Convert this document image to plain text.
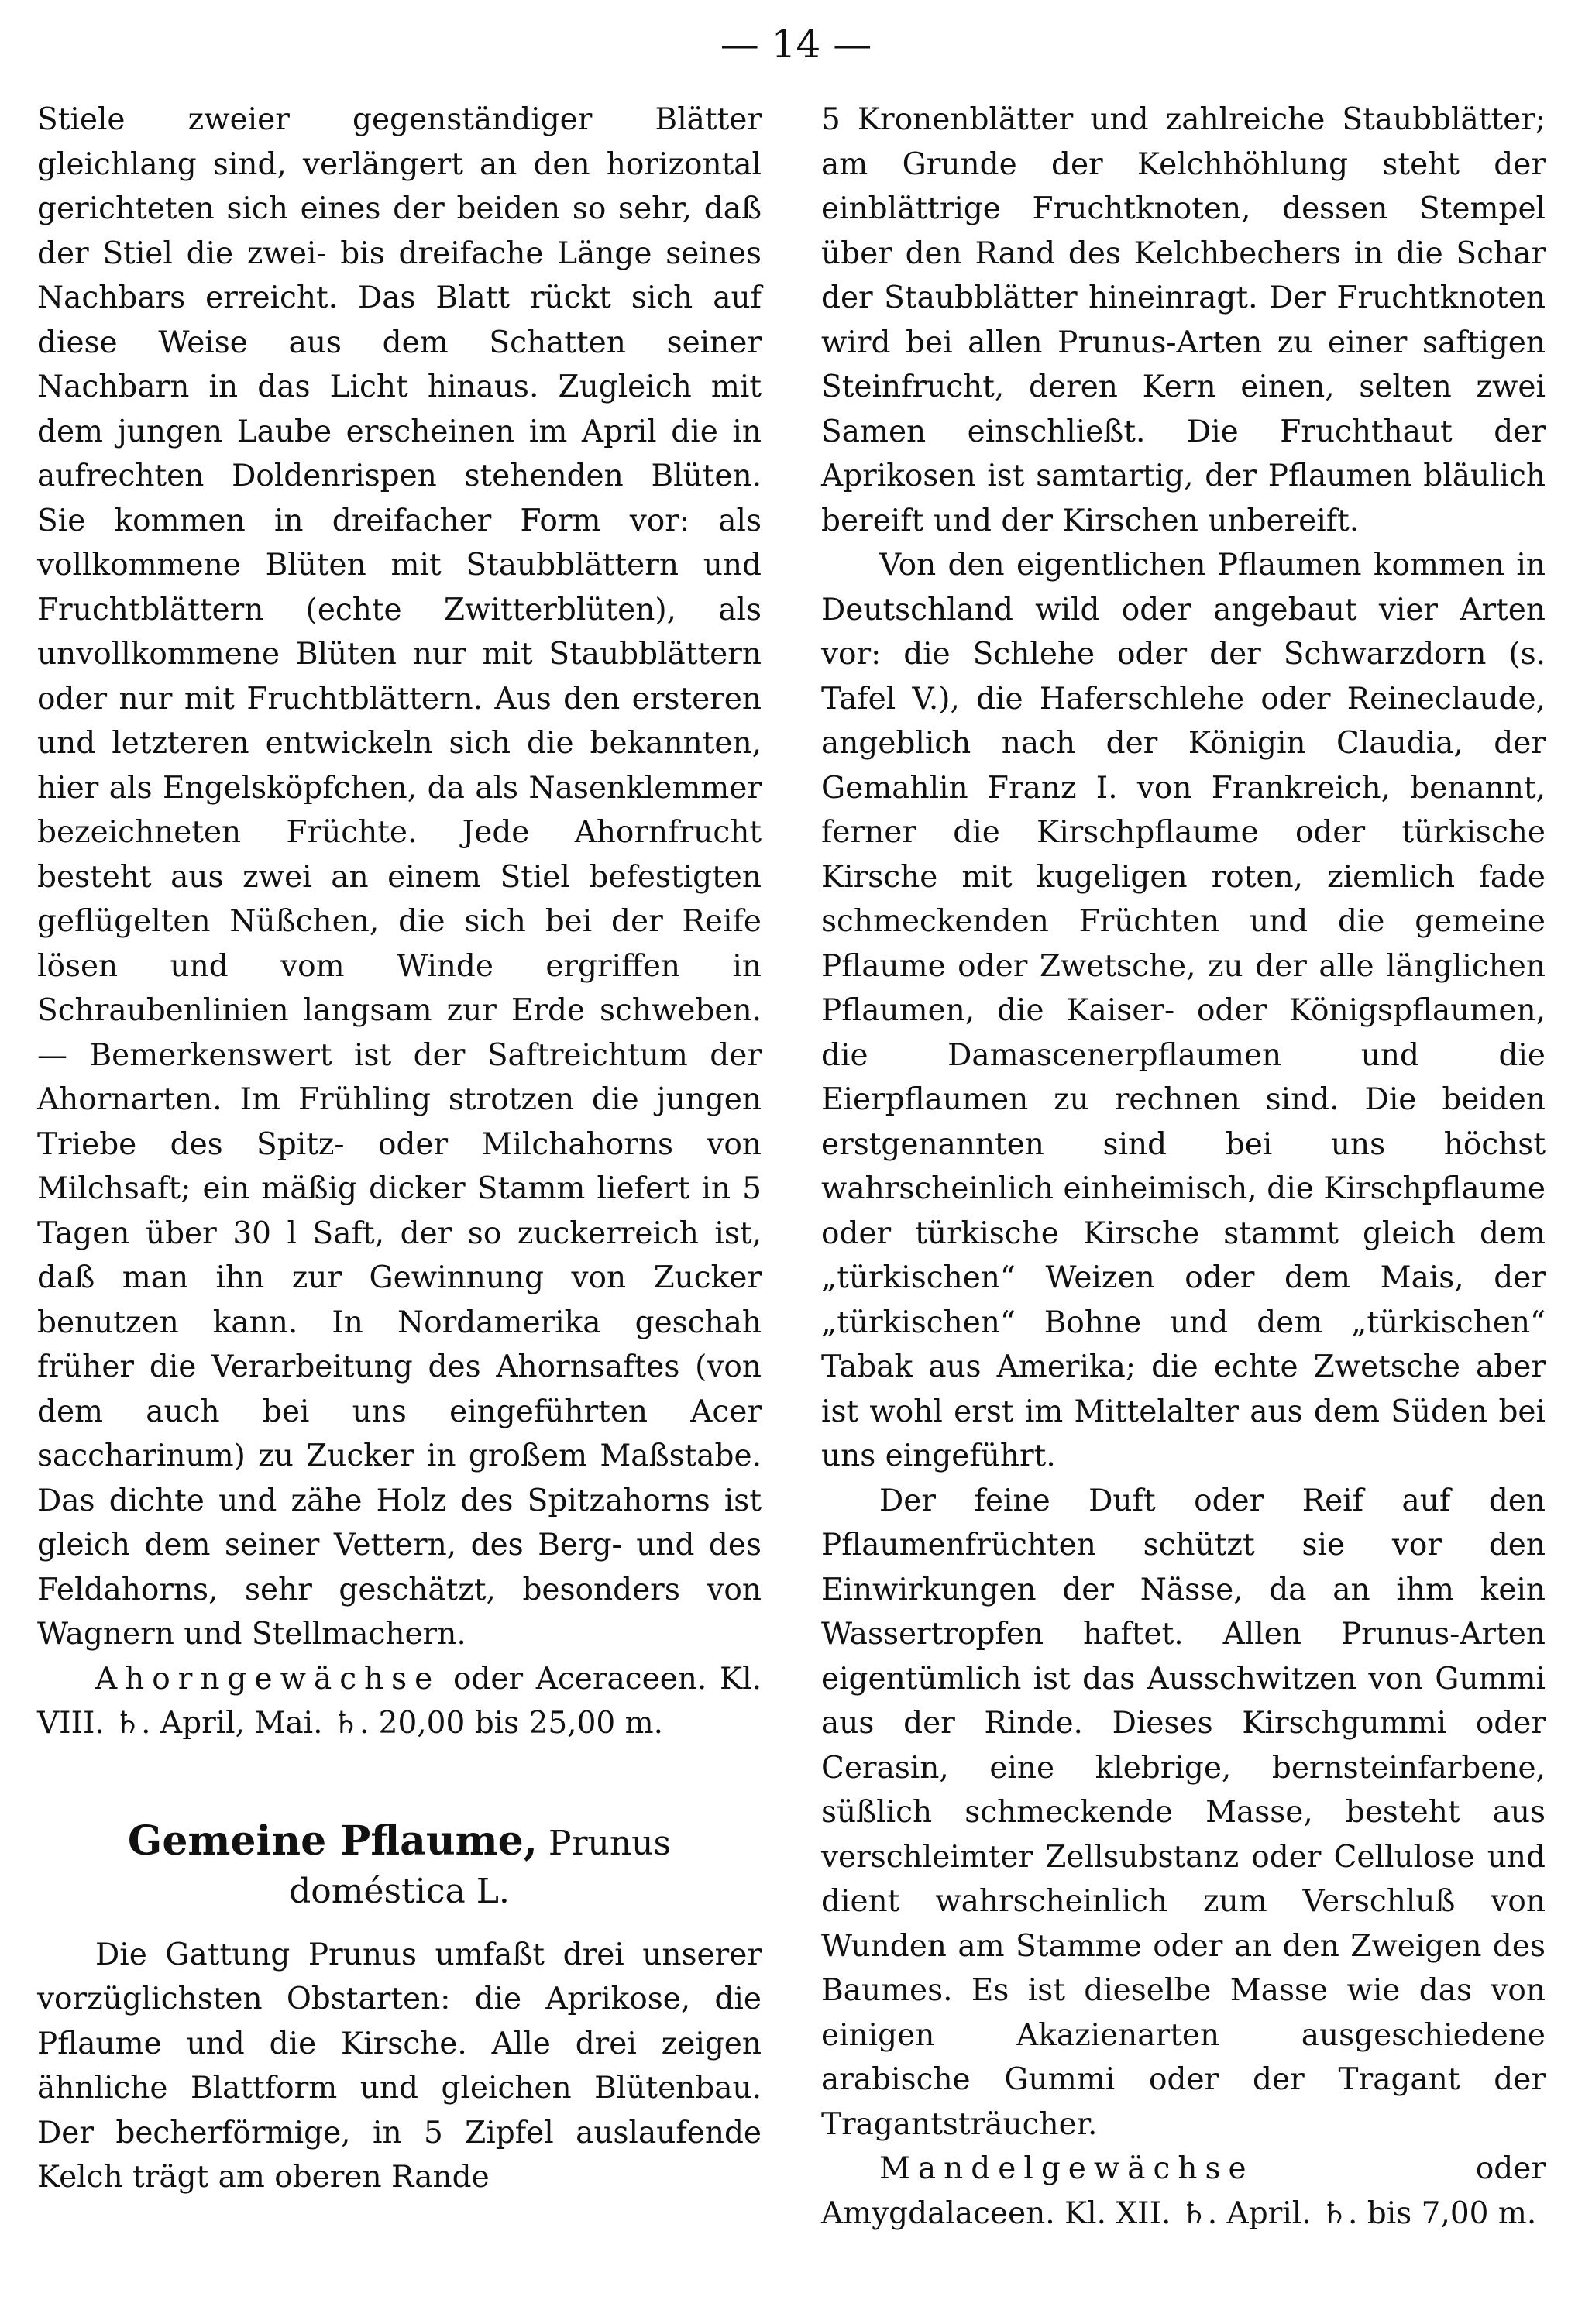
— 14 —

Stiele zweier gegenständiger Blätter gleichlang sind, verlängert an den horizontal gerichteten sich eines der beiden so sehr, daß der Stiel die zwei- bis dreifache Länge seines Nachbars erreicht. Das Blatt rückt sich auf diese Weise aus dem Schatten seiner Nachbarn in das Licht hinaus. Zugleich mit dem jungen Laube erscheinen im April die in aufrechten Doldenrispen stehenden Blüten. Sie kommen in dreifacher Form vor: als vollkommene Blüten mit Staubblättern und Fruchtblättern (echte Zwitterblüten), als unvollkommene Blüten nur mit Staubblättern oder nur mit Fruchtblättern. Aus den ersteren und letzteren entwickeln sich die bekannten, hier als Engelsköpfchen, da als Nasenklemmer bezeichneten Früchte. Jede Ahornfrucht besteht aus zwei an einem Stiel befestigten geflügelten Nüßchen, die sich bei der Reife lösen und vom Winde ergriffen in Schraubenlinien langsam zur Erde schweben. — Bemerkenswert ist der Saftreichtum der Ahornarten. Im Frühling strotzen die jungen Triebe des Spitz- oder Milchahorns von Milchsaft; ein mäßig dicker Stamm liefert in 5 Tagen über 30 l Saft, der so zuckerreich ist, daß man ihn zur Gewinnung von Zucker benutzen kann. In Nordamerika geschah früher die Verarbeitung des Ahornsaftes (von dem auch bei uns eingeführten Acer saccharinum) zu Zucker in großem Maßstabe. Das dichte und zähe Holz des Spitzahorns ist gleich dem seiner Vettern, des Berg- und des Feldahorns, sehr geschätzt, besonders von Wagnern und Stellmachern.

Ahorngewächse oder Aceraceen. Kl. VIII. ♄. April, Mai. ♄. 20,00 bis 25,00 m.

Gemeine Pflaume, Prunus doméstica L.

Die Gattung Prunus umfaßt drei unserer vorzüglichsten Obstarten: die Aprikose, die Pflaume und die Kirsche. Alle drei zeigen ähnliche Blattform und gleichen Blütenbau. Der becherförmige, in 5 Zipfel auslaufende Kelch trägt am oberen Rande

5 Kronenblätter und zahlreiche Staubblätter; am Grunde der Kelchhöhlung steht der einblättrige Fruchtknoten, dessen Stempel über den Rand des Kelchbechers in die Schar der Staubblätter hineinragt. Der Fruchtknoten wird bei allen Prunus-Arten zu einer saftigen Steinfrucht, deren Kern einen, selten zwei Samen einschließt. Die Fruchthaut der Aprikosen ist samtartig, der Pflaumen bläulich bereift und der Kirschen unbereift.

Von den eigentlichen Pflaumen kommen in Deutschland wild oder angebaut vier Arten vor: die Schlehe oder der Schwarzdorn (s. Tafel V.), die Haferschlehe oder Reineclaude, angeblich nach der Königin Claudia, der Gemahlin Franz I. von Frankreich, benannt, ferner die Kirschpflaume oder türkische Kirsche mit kugeligen roten, ziemlich fade schmeckenden Früchten und die gemeine Pflaume oder Zwetsche, zu der alle länglichen Pflaumen, die Kaiser- oder Königspflaumen, die Damascenerpflaumen und die Eierpflaumen zu rechnen sind. Die beiden erstgenannten sind bei uns höchst wahrscheinlich einheimisch, die Kirschpflaume oder türkische Kirsche stammt gleich dem „türkischen“ Weizen oder dem Mais, der „türkischen“ Bohne und dem „türkischen“ Tabak aus Amerika; die echte Zwetsche aber ist wohl erst im Mittelalter aus dem Süden bei uns eingeführt.

Der feine Duft oder Reif auf den Pflaumenfrüchten schützt sie vor den Einwirkungen der Nässe, da an ihm kein Wassertropfen haftet. Allen Prunus-Arten eigentümlich ist das Ausschwitzen von Gummi aus der Rinde. Dieses Kirschgummi oder Cerasin, eine klebrige, bernsteinfarbene, süßlich schmeckende Masse, besteht aus verschleimter Zellsubstanz oder Cellulose und dient wahrscheinlich zum Verschluß von Wunden am Stamme oder an den Zweigen des Baumes. Es ist dieselbe Masse wie das von einigen Akazienarten ausgeschiedene arabische Gummi oder der Tragant der Tragantsträucher.

Mandelgewächse oder Amygdalaceen. Kl. XII. ♄. April. ♄. bis 7,00 m.
